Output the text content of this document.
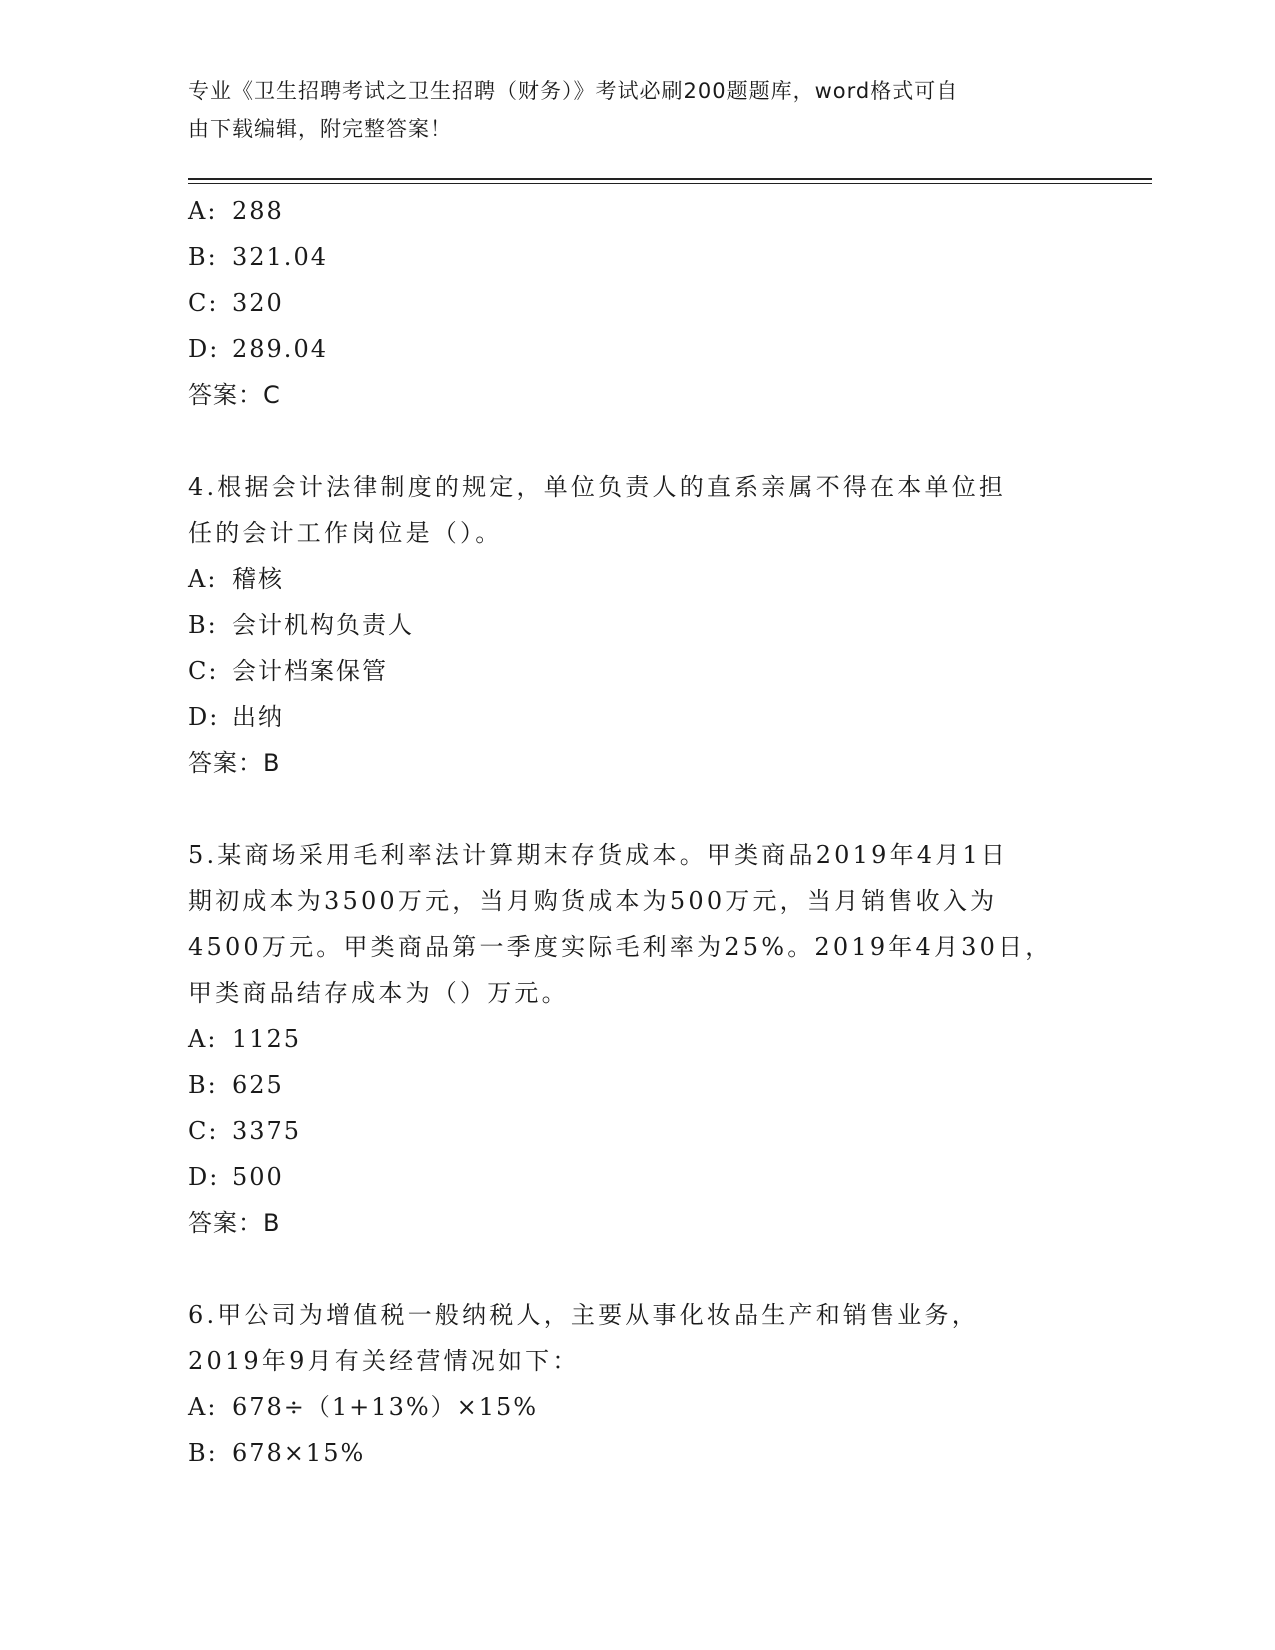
专业《卫生招聘考试之卫生招聘（财务）》考试必刷200题题库，word格式可自
由下载编辑，附完整答案！
A: 288
B: 321.04
C: 320
D: 289.04
答案：C
4.根据会计法律制度的规定，单位负责人的直系亲属不得在本单位担
任的会计工作岗位是（）。
A: 稽核
B: 会计机构负责人
C: 会计档案保管
D: 出纳
答案：B
5.某商场采用毛利率法计算期末存货成本。甲类商品2019年4月1日
期初成本为3500万元，当月购货成本为500万元，当月销售收入为
4500万元。甲类商品第一季度实际毛利率为25%。2019年4月30日，
甲类商品结存成本为（）万元。
A: 1125
B: 625
C: 3375
D: 500
答案：B
6.甲公司为增值税一般纳税人，主要从事化妆品生产和销售业务，
2019年9月有关经营情况如下：
A: 678÷（1+13%）×15%
B: 678×15%
